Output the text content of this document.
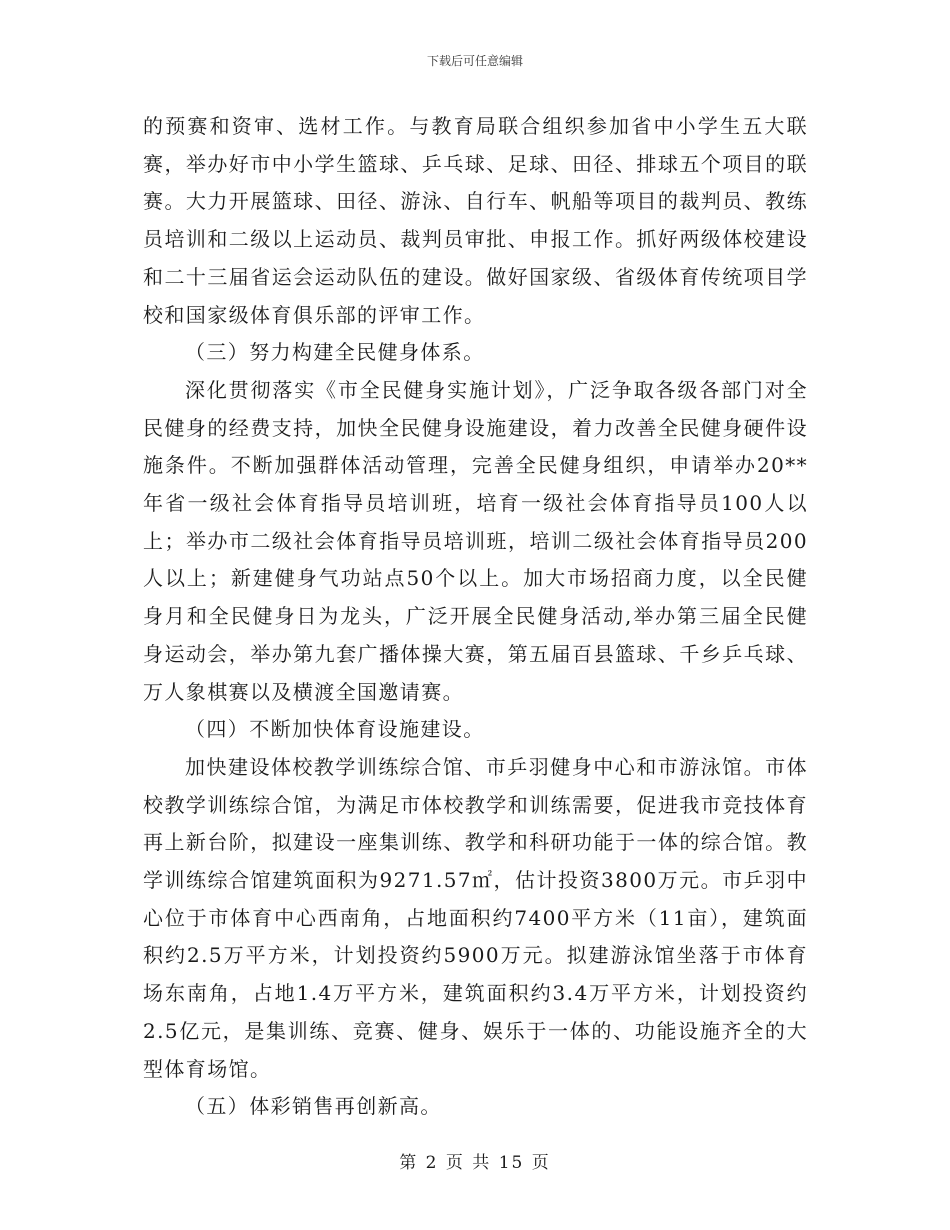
下载后可任意编辑

的预赛和资审、选材工作。与教育局联合组织参加省中小学生五大联赛，举办好市中小学生篮球、乒乓球、足球、田径、排球五个项目的联赛。大力开展篮球、田径、游泳、自行车、帆船等项目的裁判员、教练员培训和二级以上运动员、裁判员审批、申报工作。抓好两级体校建设和二十三届省运会运动队伍的建设。做好国家级、省级体育传统项目学校和国家级体育俱乐部的评审工作。

（三）努力构建全民健身体系。

深化贯彻落实《市全民健身实施计划》，广泛争取各级各部门对全民健身的经费支持，加快全民健身设施建设，着力改善全民健身硬件设施条件。不断加强群体活动管理，完善全民健身组织，申请举办20**年省一级社会体育指导员培训班，培育一级社会体育指导员100人以上；举办市二级社会体育指导员培训班，培训二级社会体育指导员200人以上；新建健身气功站点50个以上。加大市场招商力度，以全民健身月和全民健身日为龙头，广泛开展全民健身活动,举办第三届全民健身运动会，举办第九套广播体操大赛，第五届百县篮球、千乡乒乓球、万人象棋赛以及横渡全国邀请赛。

（四）不断加快体育设施建设。

加快建设体校教学训练综合馆、市乒羽健身中心和市游泳馆。市体校教学训练综合馆，为满足市体校教学和训练需要，促进我市竞技体育再上新台阶，拟建设一座集训练、教学和科研功能于一体的综合馆。教学训练综合馆建筑面积为9271.57㎡，估计投资3800万元。市乒羽中心位于市体育中心西南角，占地面积约7400平方米（11亩），建筑面积约2.5万平方米，计划投资约5900万元。拟建游泳馆坐落于市体育场东南角，占地1.4万平方米，建筑面积约3.4万平方米，计划投资约2.5亿元，是集训练、竞赛、健身、娱乐于一体的、功能设施齐全的大型体育场馆。

（五）体彩销售再创新高。

第 2 页 共 15 页
